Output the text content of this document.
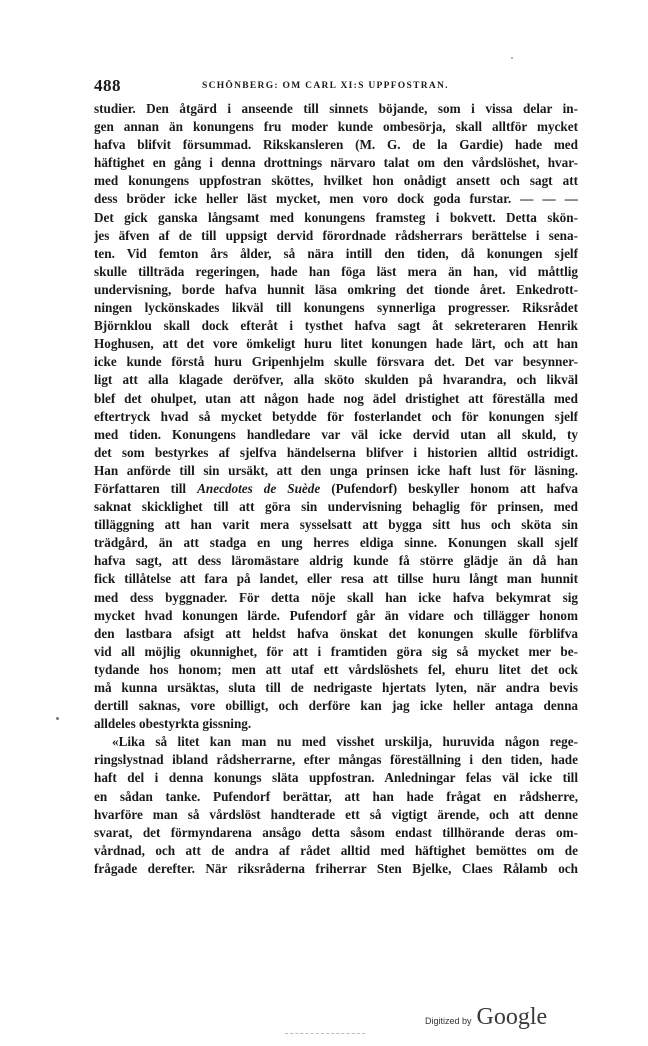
488	SCHÖNBERG: OM CARL XI:S UPPFOSTRAN.
studier. Den åtgärd i anseende till sinnets böjande, som i vissa delar in-
gen annan än konungens fru moder kunde ombesörja, skall alltför mycket
hafva blifvit försummad. Rikskansleren (M. G. de la Gardie) hade med
häftighet en gång i denna drottnings närvaro talat om den vårdslöshet, hvar-
med konungens uppfostran sköttes, hvilket hon onådigt ansett och sagt att
dess bröder icke heller läst mycket, men voro dock goda furstar. — — —
Det gick ganska långsamt med konungens framsteg i bokvett. Detta skön-
jes äfven af de till uppsigt dervid förordnade rådsherrars berättelse i sena-
ten. Vid femton års ålder, så nära intill den tiden, då konungen sjelf
skulle tillträda regeringen, hade han föga läst mera än han, vid måttlig
undervisning, borde hafva hunnit läsa omkring det tionde året. Enkedrott-
ningen lyckönskades likväl till konungens synnerliga progresser. Riksrådet
Björnklou skall dock efteråt i tysthet hafva sagt åt sekreteraren Henrik
Hoghusen, att det vore ömkeligt huru litet konungen hade lärt, och att han
icke kunde förstå huru Gripenhjelm skulle försvara det. Det var besynner-
ligt att alla klagade deröfver, alla sköto skulden på hvarandra, och likväl
blef det ohulpet, utan att någon hade nog ädel dristighet att föreställa med
eftertryck hvad så mycket betydde för fosterlandet och för konungen sjelf
med tiden. Konungens handledare var väl icke dervid utan all skuld, ty
det som bestyrkes af sjelfva händelserna blifver i historien alltid ostridigt.
Han anförde till sin ursäkt, att den unga prinsen icke haft lust för läsning.
Författaren till Anecdotes de Suède (Pufendorf) beskyller honom att hafva
saknat skicklighet till att göra sin undervisning behaglig för prinsen, med
tilläggning att han varit mera sysselsatt att bygga sitt hus och sköta sin
trädgård, än att stadga en ung herres eldiga sinne. Konungen skall sjelf
hafva sagt, att dess läromästare aldrig kunde få större glädje än då han
fick tillåtelse att fara på landet, eller resa att tillse huru långt man hunnit
med dess byggnader. För detta nöje skall han icke hafva bekymrat sig
mycket hvad konungen lärde. Pufendorf går än vidare och tillägger honom
den lastbara afsigt att heldst hafva önskat det konungen skulle förblifva
vid all möjlig okunnighet, för att i framtiden göra sig så mycket mer be-
tydande hos honom; men att utaf ett vårdslöshets fel, ehuru litet det ock
må kunna ursäktas, sluta till de nedrigaste hjertats lyten, när andra bevis
dertill saknas, vore obilligt, och derföre kan jag icke heller antaga denna
alldeles obestyrkta gissning.
«Lika så litet kan man nu med visshet urskilja, huruvida någon rege-
ringslystnad ibland rådsherrarne, efter mångas föreställning i den tiden, hade
haft del i denna konungs släta uppfostran. Anledningar felas väl icke till
en sådan tanke. Pufendorf berättar, att han hade frågat en rådsherre,
hvarföre man så vårdslöst handterade ett så vigtigt ärende, och att denne
svarat, det förmyndarena ansågo detta såsom endast tillhörande deras om-
vårdnad, och att de andra af rådet alltid med häftighet bemöttes om de
frågade derefter. När riksråderna friherrar Sten Bjelke, Claes Rålamb och
Digitized by Google
